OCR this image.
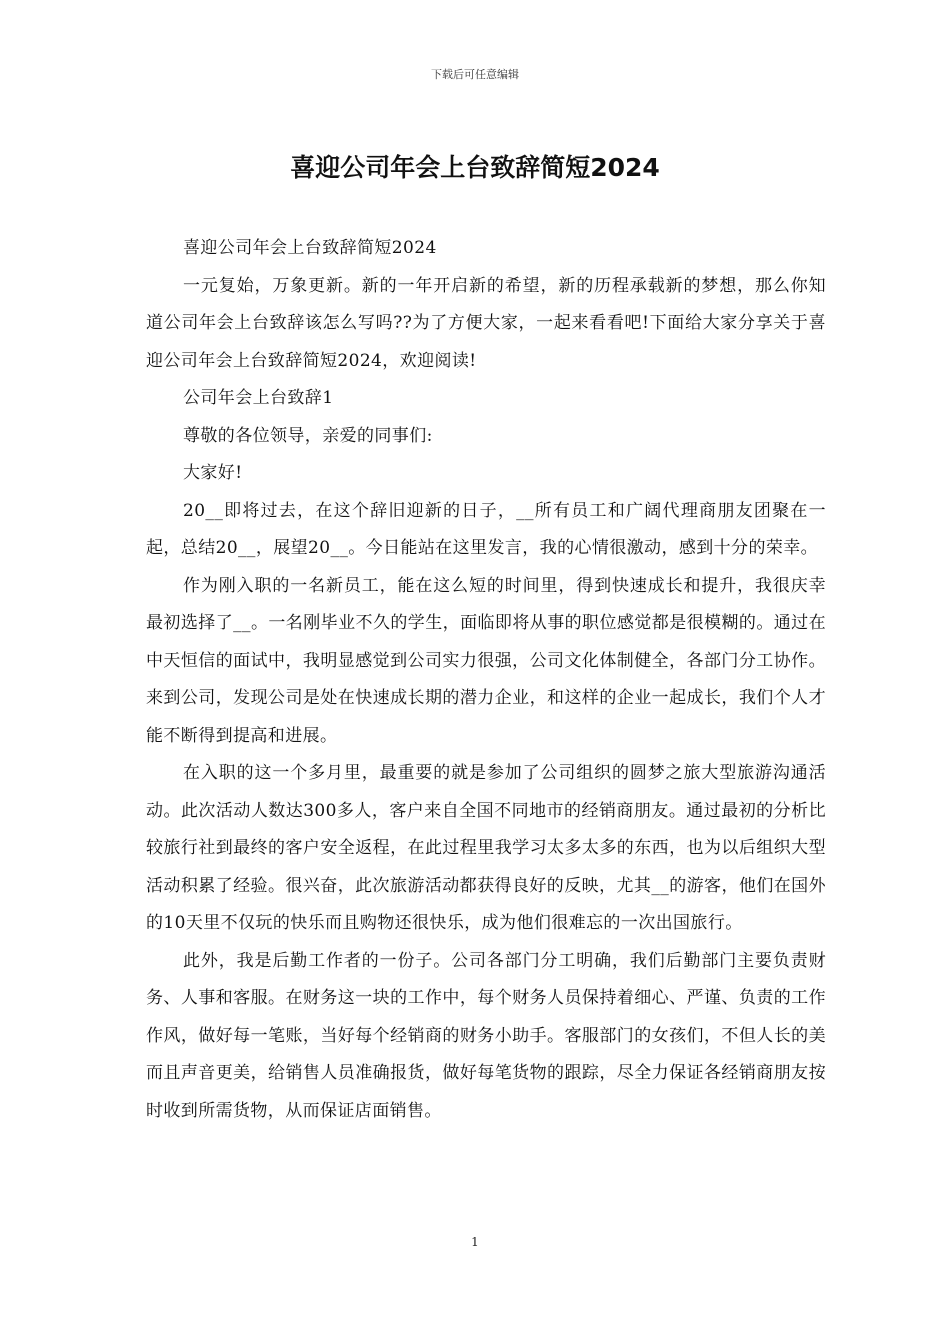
下载后可任意编辑
喜迎公司年会上台致辞简短2024

喜迎公司年会上台致辞简短2024

一元复始，万象更新。新的一年开启新的希望，新的历程承载新的梦想，那么你知道公司年会上台致辞该怎么写吗??为了方便大家，一起来看看吧!下面给大家分享关于喜迎公司年会上台致辞简短2024，欢迎阅读!

公司年会上台致辞1

尊敬的各位领导，亲爱的同事们:

大家好!

20__即将过去，在这个辞旧迎新的日子，__所有员工和广阔代理商朋友团聚在一起，总结20__，展望20__。今日能站在这里发言，我的心情很激动，感到十分的荣幸。

作为刚入职的一名新员工，能在这么短的时间里，得到快速成长和提升，我很庆幸最初选择了__。一名刚毕业不久的学生，面临即将从事的职位感觉都是很模糊的。通过在中天恒信的面试中，我明显感觉到公司实力很强，公司文化体制健全，各部门分工协作。来到公司，发现公司是处在快速成长期的潜力企业，和这样的企业一起成长，我们个人才能不断得到提高和进展。

在入职的这一个多月里，最重要的就是参加了公司组织的圆梦之旅大型旅游沟通活动。此次活动人数达300多人，客户来自全国不同地市的经销商朋友。通过最初的分析比较旅行社到最终的客户安全返程，在此过程里我学习太多太多的东西，也为以后组织大型活动积累了经验。很兴奋，此次旅游活动都获得良好的反映，尤其__的游客，他们在国外的10天里不仅玩的快乐而且购物还很快乐，成为他们很难忘的一次出国旅行。

此外，我是后勤工作者的一份子。公司各部门分工明确，我们后勤部门主要负责财务、人事和客服。在财务这一块的工作中，每个财务人员保持着细心、严谨、负责的工作作风，做好每一笔账，当好每个经销商的财务小助手。客服部门的女孩们，不但人长的美而且声音更美，给销售人员准确报货，做好每笔货物的跟踪，尽全力保证各经销商朋友按时收到所需货物，从而保证店面销售。

1
